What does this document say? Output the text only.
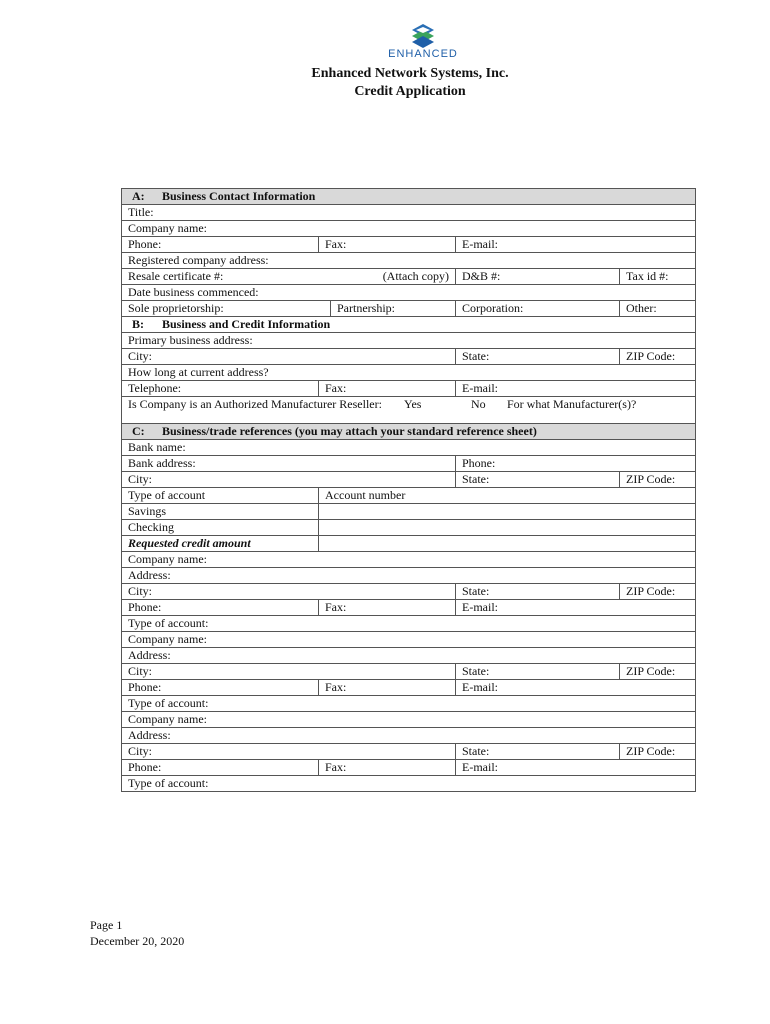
ENHANCED
Enhanced Network Systems, Inc.
Credit Application
A: Business Contact Information
Title:
Company name:
Phone:	Fax:	E-mail:
Registered company address:
Resale certificate #:	(Attach copy)	D&B #:	Tax id #:
Date business commenced:
Sole proprietorship:	Partnership:	Corporation:	Other:
B: Business and Credit Information
Primary business address:
City:	State:	ZIP Code:
How long at current address?
Telephone:	Fax:	E-mail:
Is Company is an Authorized Manufacturer Reseller: Yes	No For what Manufacturer(s)?
C: Business/trade references (you may attach your standard reference sheet)
Bank name:
Bank address:	Phone:
City:	State:	ZIP Code:
Type of account	Account number
Savings
Checking
Requested credit amount
Company name:
Address:
City:	State:	ZIP Code:
Phone:	Fax:	E-mail:
Type of account:
Company name:
Address:
City:	State:	ZIP Code:
Phone:	Fax:	E-mail:
Type of account:
Company name:
Address:
City:	State:	ZIP Code:
Phone:	Fax:	E-mail:
Type of account:
Page 1
December 20, 2020
